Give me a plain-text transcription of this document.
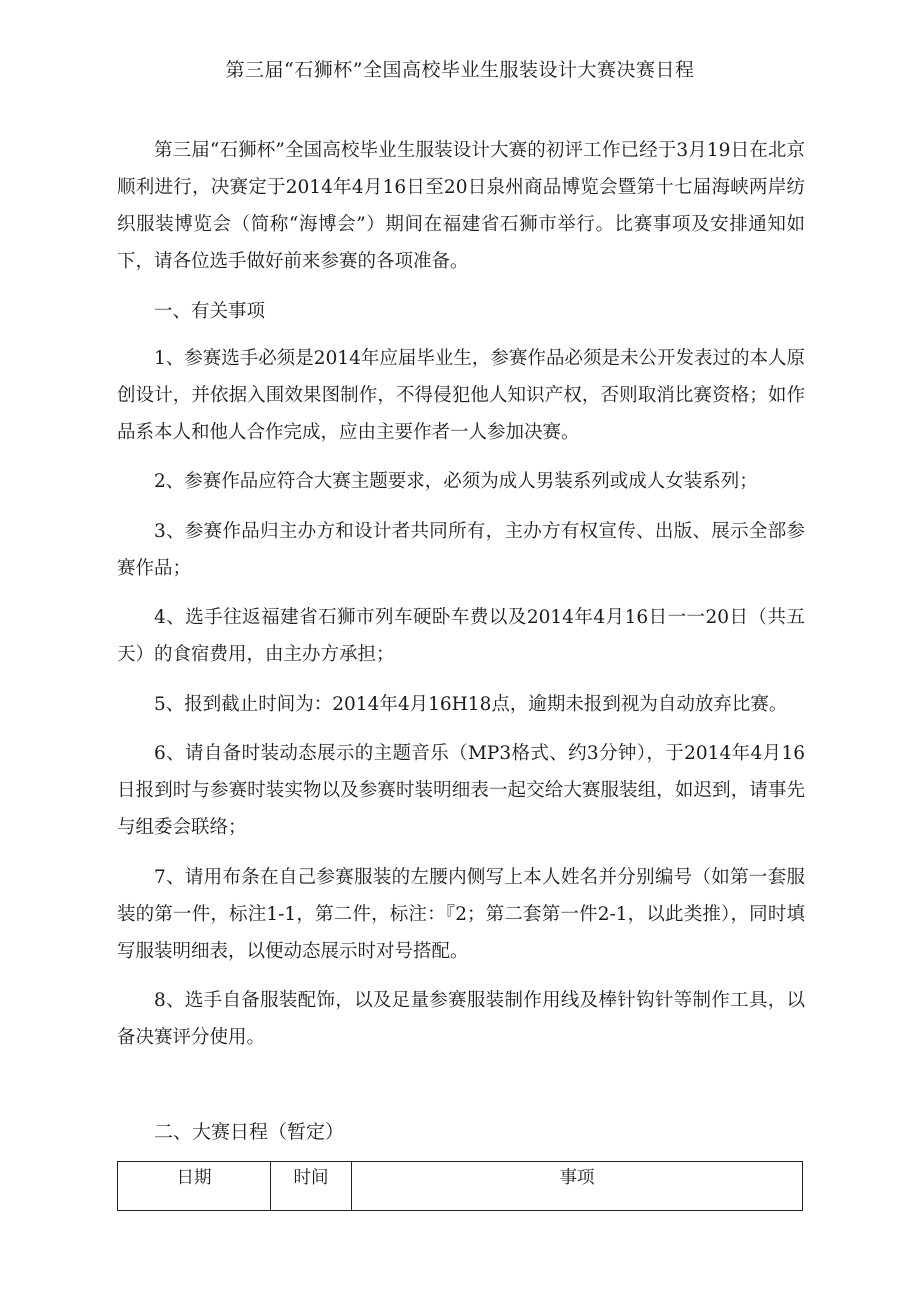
第三届“石狮杯”全国高校毕业生服装设计大赛决赛日程

第三届“石狮杯”全国高校毕业生服装设计大赛的初评工作已经于3月19日在北京顺利进行，决赛定于2014年4月16日至20日泉州商品博览会暨第十七届海峡两岸纺织服装博览会（简称“海博会”）期间在福建省石狮市举行。比赛事项及安排通知如下，请各位选手做好前来参赛的各项准备。

一、有关事项

1、参赛选手必须是2014年应届毕业生，参赛作品必须是未公开发表过的本人原创设计，并依据入围效果图制作，不得侵犯他人知识产权，否则取消比赛资格；如作品系本人和他人合作完成，应由主要作者一人参加决赛。

2、参赛作品应符合大赛主题要求，必须为成人男装系列或成人女装系列；

3、参赛作品归主办方和设计者共同所有，主办方有权宣传、出版、展示全部参赛作品；

4、选手往返福建省石狮市列车硬卧车费以及2014年4月16日一一20日（共五天）的食宿费用，由主办方承担；

5、报到截止时间为：2014年4月16H18点，逾期未报到视为自动放弃比赛。

6、请自备时装动态展示的主题音乐（MP3格式、约3分钟），于2014年4月16日报到时与参赛时装实物以及参赛时装明细表一起交给大赛服装组，如迟到，请事先与组委会联络；

7、请用布条在自己参赛服装的左腰内侧写上本人姓名并分别编号（如第一套服装的第一件，标注1-1，第二件，标注：『2；第二套第一件2-1，以此类推），同时填写服装明细表，以便动态展示时对号搭配。

8、选手自备服装配饰，以及足量参赛服装制作用线及棒针钩针等制作工具，以备决赛评分使用。

二、大赛日程（暂定）

日期	时间	事项
